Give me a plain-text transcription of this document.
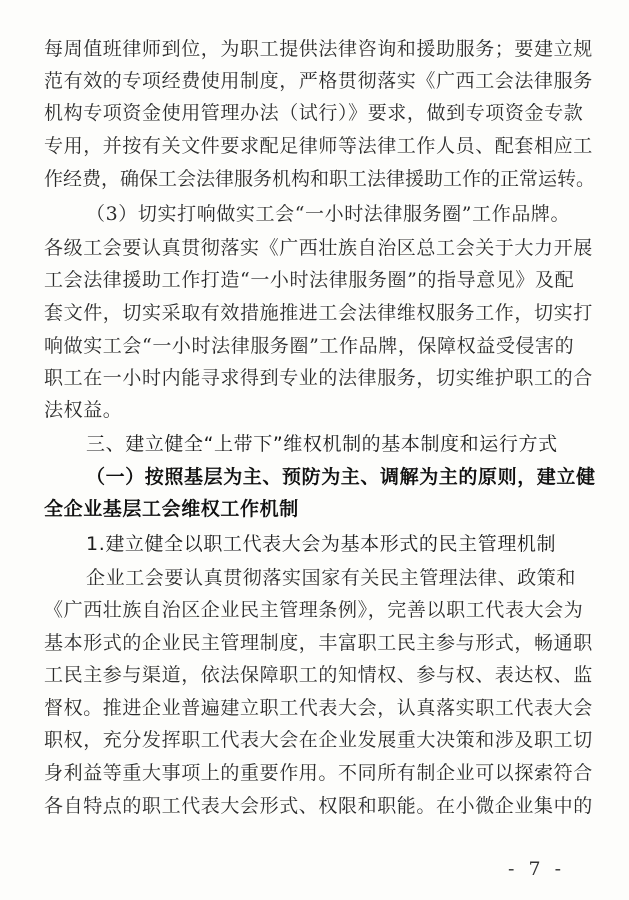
每周值班律师到位，为职工提供法律咨询和援助服务；要建立规
范有效的专项经费使用制度，严格贯彻落实《广西工会法律服务
机构专项资金使用管理办法（试行）》要求，做到专项资金专款
专用，并按有关文件要求配足律师等法律工作人员、配套相应工
作经费，确保工会法律服务机构和职工法律援助工作的正常运转。
（3）切实打响做实工会“一小时法律服务圈”工作品牌。
各级工会要认真贯彻落实《广西壮族自治区总工会关于大力开展
工会法律援助工作打造“一小时法律服务圈”的指导意见》及配
套文件，切实采取有效措施推进工会法律维权服务工作，切实打
响做实工会“一小时法律服务圈”工作品牌，保障权益受侵害的
职工在一小时内能寻求得到专业的法律服务，切实维护职工的合
法权益。
三、建立健全“上带下”维权机制的基本制度和运行方式
（一）按照基层为主、预防为主、调解为主的原则，建立健
全企业基层工会维权工作机制
1.建立健全以职工代表大会为基本形式的民主管理机制
企业工会要认真贯彻落实国家有关民主管理法律、政策和
《广西壮族自治区企业民主管理条例》，完善以职工代表大会为
基本形式的企业民主管理制度，丰富职工民主参与形式，畅通职
工民主参与渠道，依法保障职工的知情权、参与权、表达权、监
督权。推进企业普遍建立职工代表大会，认真落实职工代表大会
职权，充分发挥职工代表大会在企业发展重大决策和涉及职工切
身利益等重大事项上的重要作用。不同所有制企业可以探索符合
各自特点的职工代表大会形式、权限和职能。在小微企业集中的
- 7 -
